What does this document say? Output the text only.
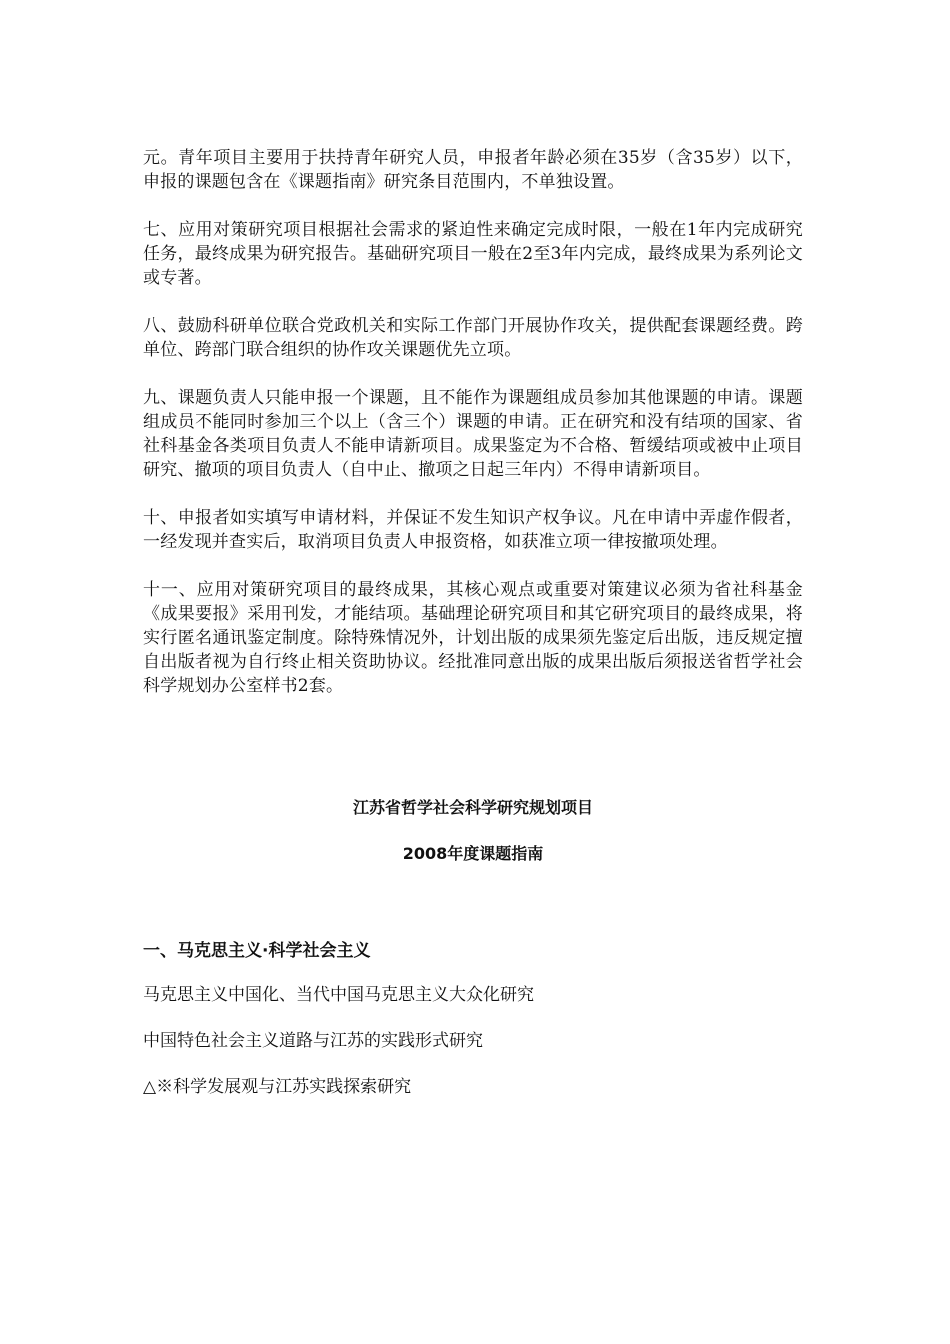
元。青年项目主要用于扶持青年研究人员，申报者年龄必须在35岁（含35岁）以下，申报的课题包含在《课题指南》研究条目范围内，不单独设置。

七、应用对策研究项目根据社会需求的紧迫性来确定完成时限，一般在1年内完成研究任务，最终成果为研究报告。基础研究项目一般在2至3年内完成，最终成果为系列论文或专著。

八、鼓励科研单位联合党政机关和实际工作部门开展协作攻关，提供配套课题经费。跨单位、跨部门联合组织的协作攻关课题优先立项。

九、课题负责人只能申报一个课题，且不能作为课题组成员参加其他课题的申请。课题组成员不能同时参加三个以上（含三个）课题的申请。正在研究和没有结项的国家、省社科基金各类项目负责人不能申请新项目。成果鉴定为不合格、暂缓结项或被中止项目研究、撤项的项目负责人（自中止、撤项之日起三年内）不得申请新项目。

十、申报者如实填写申请材料，并保证不发生知识产权争议。凡在申请中弄虚作假者，一经发现并查实后，取消项目负责人申报资格，如获准立项一律按撤项处理。

十一、应用对策研究项目的最终成果，其核心观点或重要对策建议必须为省社科基金《成果要报》采用刊发，才能结项。基础理论研究项目和其它研究项目的最终成果，将实行匿名通讯鉴定制度。除特殊情况外，计划出版的成果须先鉴定后出版，违反规定擅自出版者视为自行终止相关资助协议。经批准同意出版的成果出版后须报送省哲学社会科学规划办公室样书2套。

江苏省哲学社会科学研究规划项目
2008年度课题指南
一、马克思主义·科学社会主义
马克思主义中国化、当代中国马克思主义大众化研究
中国特色社会主义道路与江苏的实践形式研究
△※科学发展观与江苏实践探索研究
